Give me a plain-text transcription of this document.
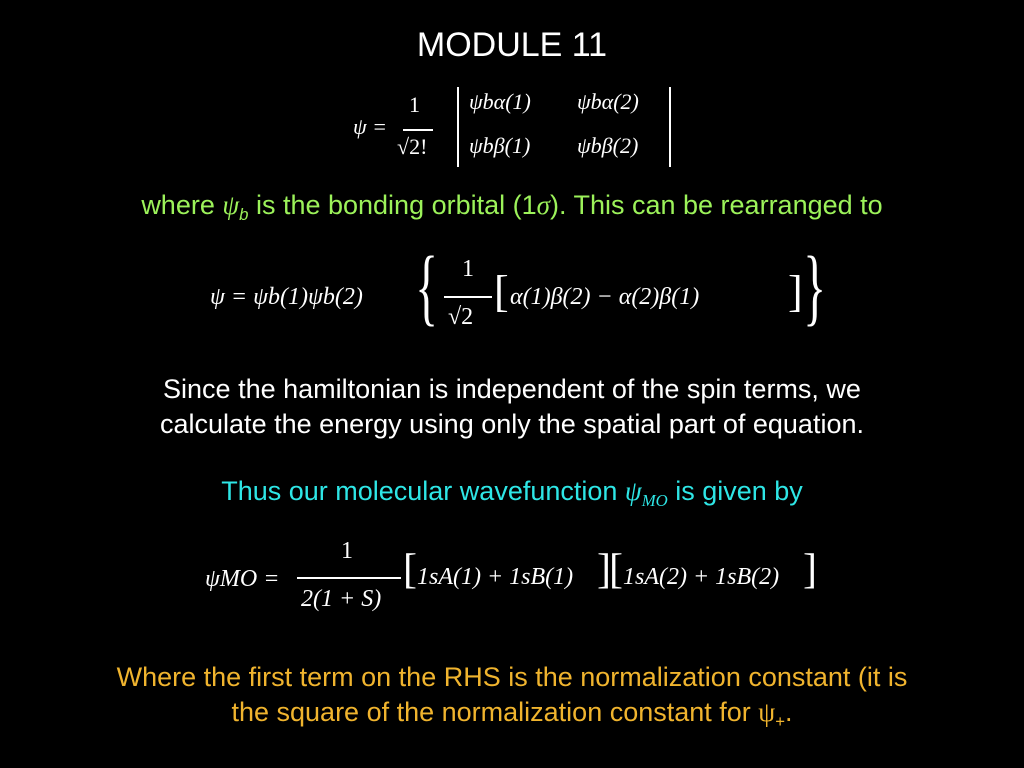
MODULE 11
ψ =
1
√2!
ψbα(1) ψbα(2)
ψbβ(1) ψbβ(2)
where $\psi_b$ is the bonding orbital (1σ). This can be rearranged to
ψ = ψb(1)ψb(2) { 1
√2
[ α(1)β(2) − α(2)β(1) ] }
Since the hamiltonian is independent of the spin terms, we
calculate the energy using only the spatial part of equation.
Thus our molecular wavefunction $\psi_{MO}$ is given by
ψMO =
1
2(1 + S)
[ 1sA(1) + 1sB(1) ]
[ 1sA(2) + 1sB(2) ]
Where the first term on the RHS is the normalization constant (it is
the square of the normalization constant for $\psi_+$.
